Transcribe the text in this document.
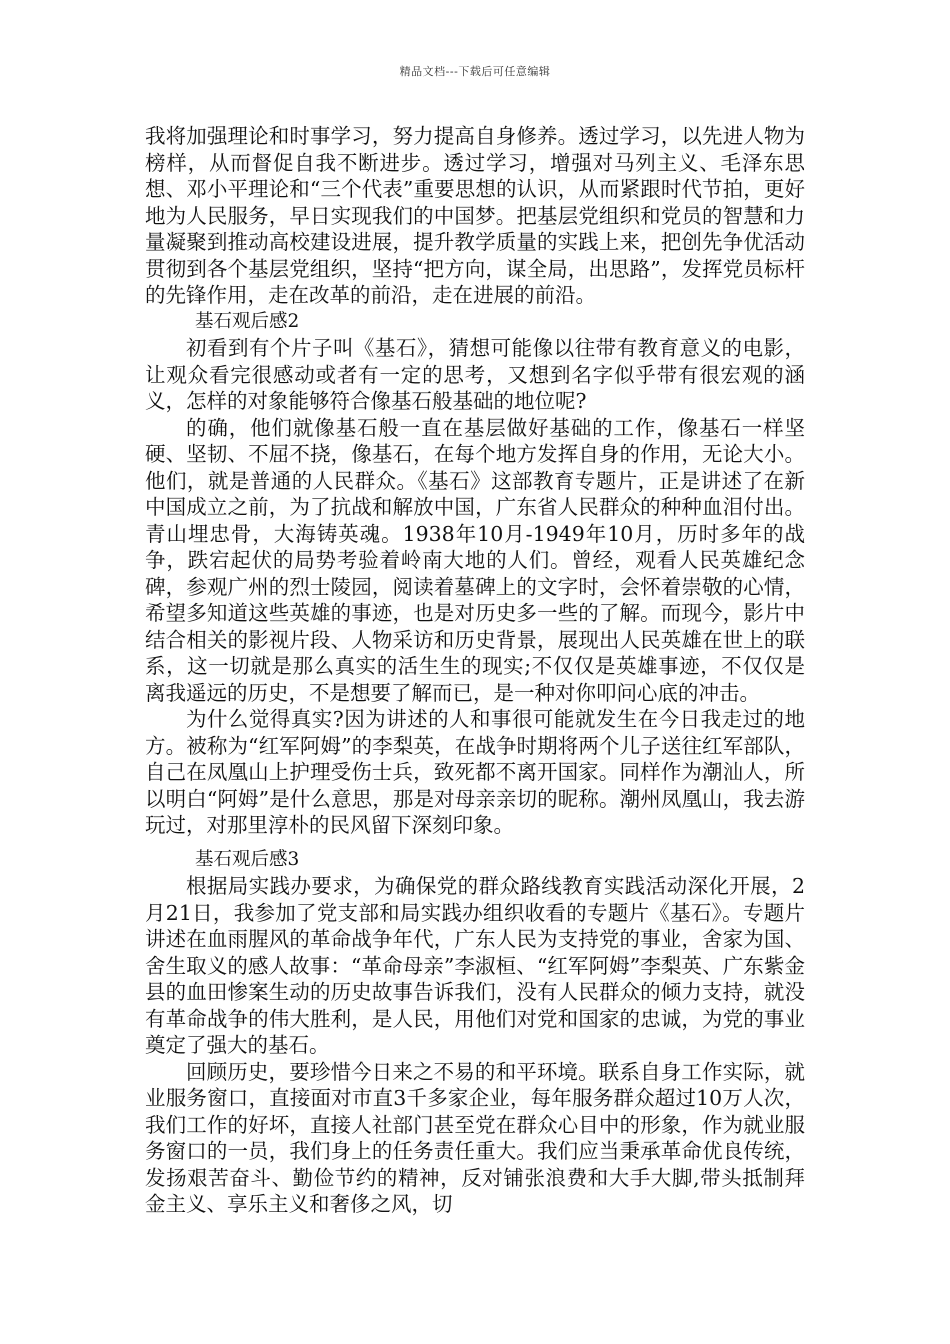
精品文档---下载后可任意编辑

我将加强理论和时事学习，努力提高自身修养。透过学习，以先进人物为榜样，从而督促自我不断进步。透过学习，增强对马列主义、毛泽东思想、邓小平理论和“三个代表”重要思想的认识，从而紧跟时代节拍，更好地为人民服务，早日实现我们的中国梦。把基层党组织和党员的智慧和力量凝聚到推动高校建设进展，提升教学质量的实践上来，把创先争优活动贯彻到各个基层党组织，坚持“把方向，谋全局，出思路”，发挥党员标杆的先锋作用，走在改革的前沿，走在进展的前沿。

基石观后感2

初看到有个片子叫《基石》，猜想可能像以往带有教育意义的电影，让观众看完很感动或者有一定的思考，又想到名字似乎带有很宏观的涵义，怎样的对象能够符合像基石般基础的地位呢?

的确，他们就像基石般一直在基层做好基础的工作，像基石一样坚硬、坚韧、不屈不挠，像基石，在每个地方发挥自身的作用，无论大小。他们，就是普通的人民群众。《基石》这部教育专题片，正是讲述了在新中国成立之前，为了抗战和解放中国，广东省人民群众的种种血泪付出。青山埋忠骨，大海铸英魂。1938年10月-1949年10月，历时多年的战争，跌宕起伏的局势考验着岭南大地的人们。曾经，观看人民英雄纪念碑，参观广州的烈士陵园，阅读着墓碑上的文字时，会怀着崇敬的心情，希望多知道这些英雄的事迹，也是对历史多一些的了解。而现今，影片中结合相关的影视片段、人物采访和历史背景，展现出人民英雄在世上的联系，这一切就是那么真实的活生生的现实;不仅仅是英雄事迹，不仅仅是离我遥远的历史，不是想要了解而已，是一种对你叩问心底的冲击。

为什么觉得真实?因为讲述的人和事很可能就发生在今日我走过的地方。被称为“红军阿姆”的李梨英，在战争时期将两个儿子送往红军部队，自己在凤凰山上护理受伤士兵，致死都不离开国家。同样作为潮汕人，所以明白“阿姆”是什么意思，那是对母亲亲切的昵称。潮州凤凰山，我去游玩过，对那里淳朴的民风留下深刻印象。

基石观后感3

根据局实践办要求，为确保党的群众路线教育实践活动深化开展，2月21日，我参加了党支部和局实践办组织收看的专题片《基石》。专题片讲述在血雨腥风的革命战争年代，广东人民为支持党的事业，舍家为国、舍生取义的感人故事：“革命母亲”李淑桓、“红军阿姆”李梨英、广东紫金县的血田惨案生动的历史故事告诉我们，没有人民群众的倾力支持，就没有革命战争的伟大胜利，是人民，用他们对党和国家的忠诚，为党的事业奠定了强大的基石。

回顾历史，要珍惜今日来之不易的和平环境。联系自身工作实际，就业服务窗口，直接面对市直3千多家企业，每年服务群众超过10万人次，我们工作的好坏，直接人社部门甚至党在群众心目中的形象，作为就业服务窗口的一员，我们身上的任务责任重大。我们应当秉承革命优良传统，发扬艰苦奋斗、勤俭节约的精神，反对铺张浪费和大手大脚,带头抵制拜金主义、享乐主义和奢侈之风，切
